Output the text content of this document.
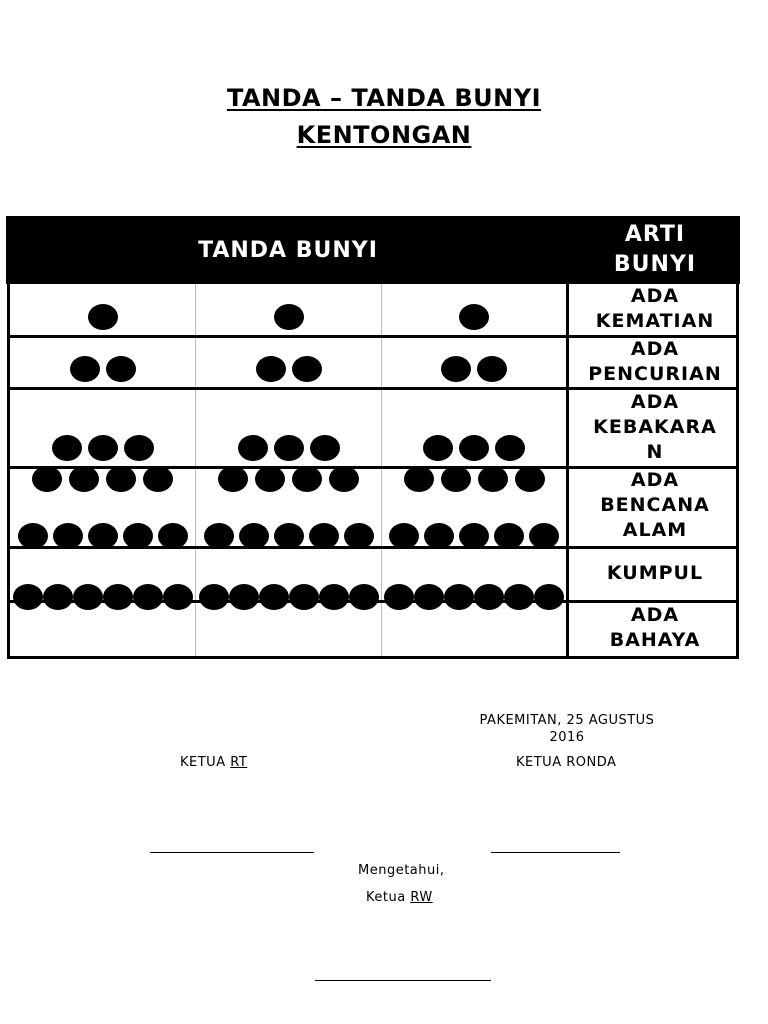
TANDA – TANDA BUNYI
KENTONGAN
TANDA BUNYI
ARTI
BUNYI
ADA
KEMATIAN
ADA
PENCURIAN
ADA
KEBAKARA
N
ADA
BENCANA
ALAM
KUMPUL
ADA
BAHAYA
PAKEMITAN, 25 AGUSTUS
2016
KETUA RT	KETUA RONDA
Mengetahui,
Ketua RW
